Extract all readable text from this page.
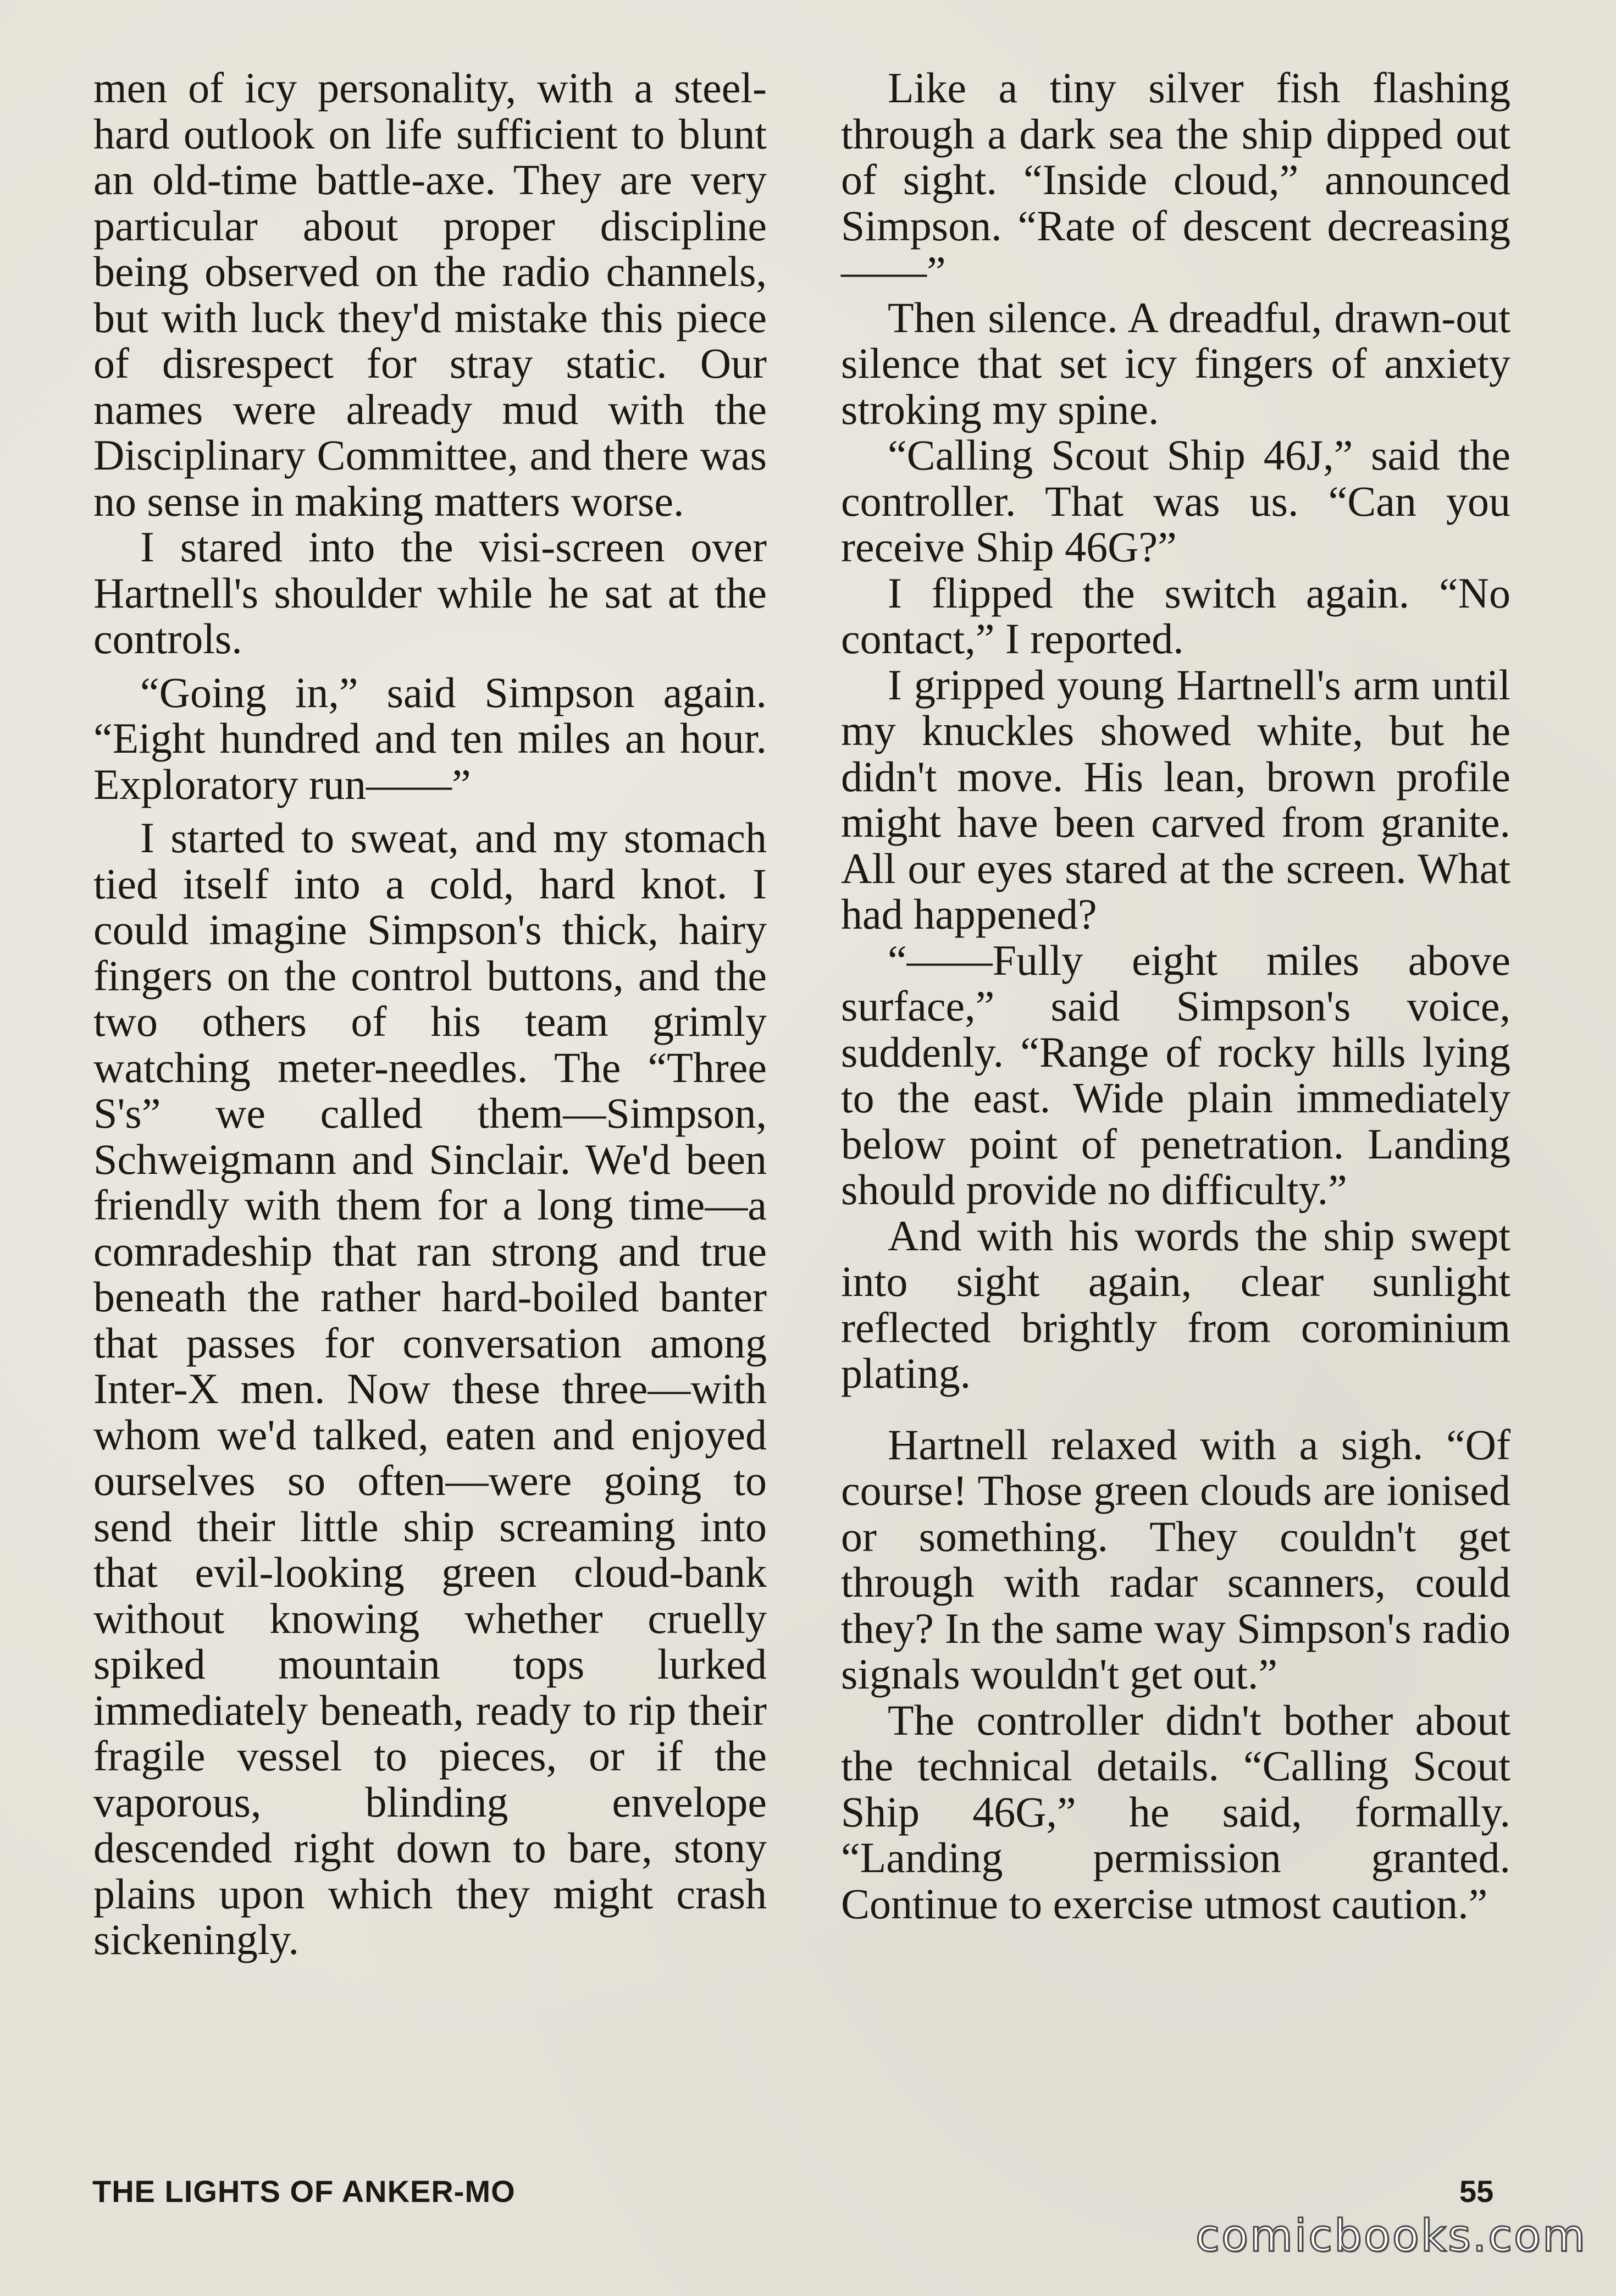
men of icy personality, with a steel-hard outlook on life sufficient to blunt an old-time battle-axe. They are very particular about proper discipline being observed on the radio channels, but with luck they'd mistake this piece of disrespect for stray static. Our names were already mud with the Disciplinary Committee, and there was no sense in making matters worse.

I stared into the visi-screen over Hartnell's shoulder while he sat at the controls.

“Going in,” said Simpson again. “Eight hundred and ten miles an hour. Exploratory run——”

I started to sweat, and my stomach tied itself into a cold, hard knot. I could imagine Simpson's thick, hairy fingers on the control buttons, and the two others of his team grimly watching meter-needles. The “Three S's” we called them—Simpson, Schweigmann and Sinclair. We'd been friendly with them for a long time—a comradeship that ran strong and true beneath the rather hard-boiled banter that passes for conversation among Inter-X men. Now these three—with whom we'd talked, eaten and enjoyed ourselves so often—were going to send their little ship screaming into that evil-looking green cloud-bank without knowing whether cruelly spiked mountain tops lurked immediately beneath, ready to rip their fragile vessel to pieces, or if the vaporous, blinding envelope descended right down to bare, stony plains upon which they might crash sickeningly.

Like a tiny silver fish flashing through a dark sea the ship dipped out of sight. “Inside cloud,” announced Simpson. “Rate of descent decreasing——”

Then silence. A dreadful, drawn-out silence that set icy fingers of anxiety stroking my spine.

“Calling Scout Ship 46J,” said the controller. That was us. “Can you receive Ship 46G?”

I flipped the switch again. “No contact,” I reported.

I gripped young Hartnell's arm until my knuckles showed white, but he didn't move. His lean, brown profile might have been carved from granite. All our eyes stared at the screen. What had happened?

“——Fully eight miles above surface,” said Simpson's voice, suddenly. “Range of rocky hills lying to the east. Wide plain immediately below point of penetration. Landing should provide no difficulty.”

And with his words the ship swept into sight again, clear sunlight reflected brightly from corominium plating.

Hartnell relaxed with a sigh. “Of course! Those green clouds are ionised or something. They couldn't get through with radar scanners, could they? In the same way Simpson's radio signals wouldn't get out.”

The controller didn't bother about the technical details. “Calling Scout Ship 46G,” he said, formally. “Landing permission granted. Continue to exercise utmost caution.”

THE LIGHTS OF ANKER-MO	55
comicbooks.com
